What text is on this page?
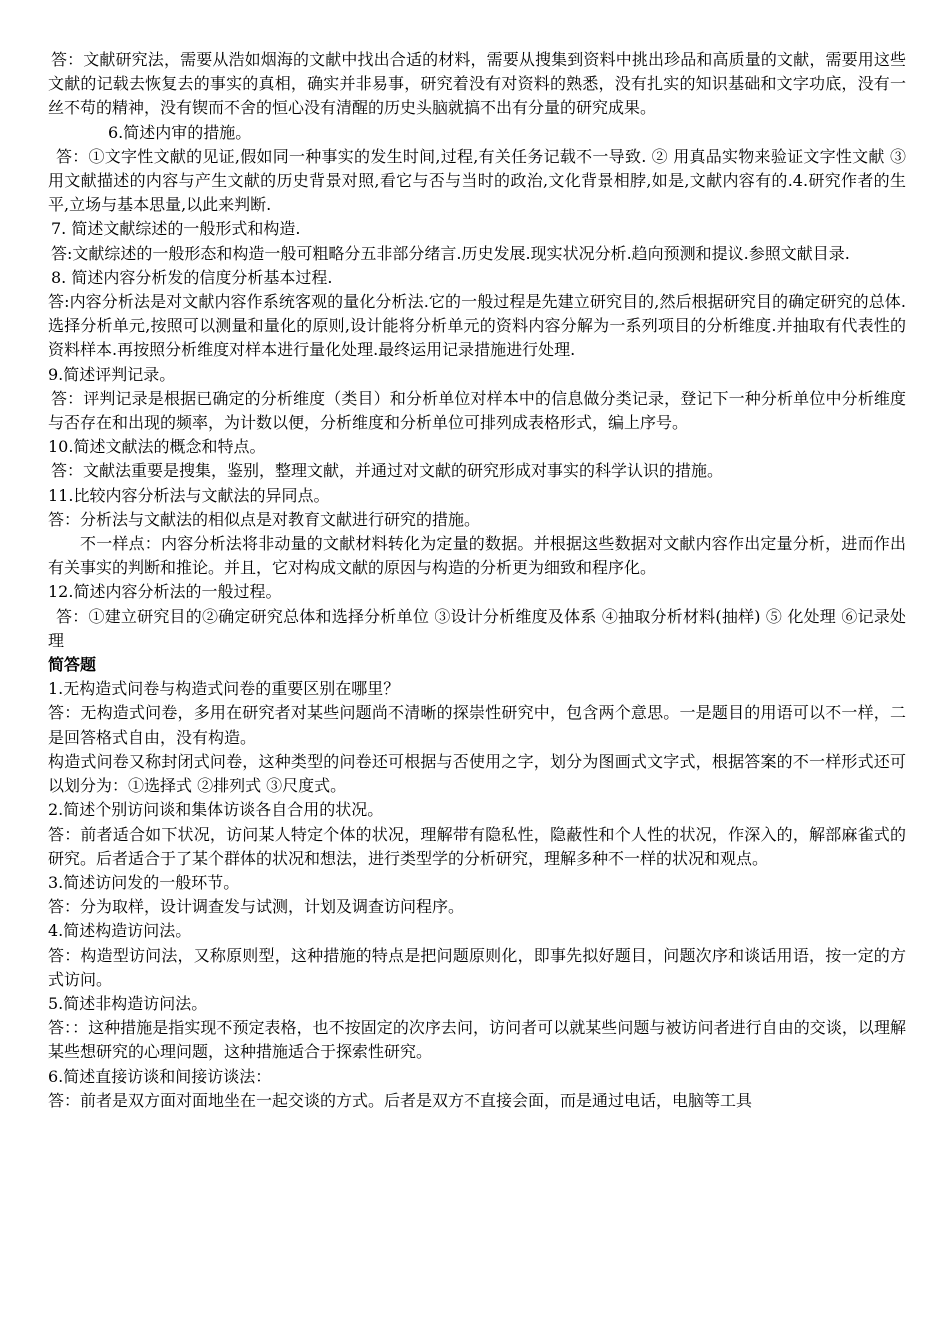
答：文献研究法，需要从浩如烟海的文献中找出合适的材料，需要从搜集到资料中挑出珍品和高质量的文献，需要用这些文献的记载去恢复去的事实的真相，确实并非易事，研究着没有对资料的熟悉，没有扎实的知识基础和文字功底，没有一丝不苟的精神，没有锲而不舍的恒心没有清醒的历史头脑就搞不出有分量的研究成果。

6.简述内审的措施。

答：①文字性文献的见证,假如同一种事实的发生时间,过程,有关任务记载不一导致. ② 用真品实物来验证文字性文献 ③用文献描述的内容与产生文献的历史背景对照,看它与否与当时的政治,文化背景相脖,如是,文献内容有的.4.研究作者的生平,立场与基本思量,以此来判断.

7. 简述文献综述的一般形式和构造.

答:文献综述的一般形态和构造一般可粗略分五非部分绪言.历史发展.现实状况分析.趋向预测和提议.参照文献目录.

8. 简述内容分析发的信度分析基本过程.

答:内容分析法是对文献内容作系统客观的量化分析法.它的一般过程是先建立研究目的,然后根据研究目的确定研究的总体.选择分析单元,按照可以测量和量化的原则,设计能将分析单元的资料内容分解为一系列项目的分析维度.并抽取有代表性的资料样本.再按照分析维度对样本进行量化处理.最终运用记录措施进行处理.

9.简述评判记录。

答：评判记录是根据已确定的分析维度（类目）和分析单位对样本中的信息做分类记录，登记下一种分析单位中分析维度与否存在和出现的频率，为计数以便，分析维度和分析单位可排列成表格形式，编上序号。

10.简述文献法的概念和特点。

答：文献法重要是搜集，鉴别，整理文献，并通过对文献的研究形成对事实的科学认识的措施。

11.比较内容分析法与文献法的异同点。

答：分析法与文献法的相似点是对教育文献进行研究的措施。

不一样点：内容分析法将非动量的文献材料转化为定量的数据。并根据这些数据对文献内容作出定量分析，进而作出有关事实的判断和推论。并且，它对构成文献的原因与构造的分析更为细致和程序化。

12.简述内容分析法的一般过程。

答：①建立研究目的②确定研究总体和选择分析单位 ③设计分析维度及体系 ④抽取分析材料(抽样) ⑤ 化处理 ⑥记录处理

简答题

1.无构造式问卷与构造式问卷的重要区别在哪里？

答：无构造式问卷，多用在研究者对某些问题尚不清晰的探崇性研究中，包含两个意思。一是题目的用语可以不一样，二是回答格式自由，没有构造。

构造式问卷又称封闭式问卷，这种类型的问卷还可根据与否使用之字，划分为图画式文字式，根据答案的不一样形式还可以划分为：①选择式 ②排列式 ③尺度式。

2.简述个别访问谈和集体访谈各自合用的状况。

答：前者适合如下状况，访问某人特定个体的状况，理解带有隐私性，隐蔽性和个人性的状况，作深入的，解部麻雀式的研究。后者适合于了某个群体的状况和想法，进行类型学的分析研究，理解多种不一样的状况和观点。

3.简述访问发的一般环节。

答：分为取样，设计调查发与试测，计划及调查访问程序。

4.简述构造访问法。

答：构造型访问法，又称原则型，这种措施的特点是把问题原则化，即事先拟好题目，问题次序和谈话用语，按一定的方式访问。

5.简述非构造访问法。

答：：这种措施是指实现不预定表格，也不按固定的次序去问，访问者可以就某些问题与被访问者进行自由的交谈，以理解某些想研究的心理问题，这种措施适合于探索性研究。

6.简述直接访谈和间接访谈法：

答：前者是双方面对面地坐在一起交谈的方式。后者是双方不直接会面，而是通过电话，电脑等工具
